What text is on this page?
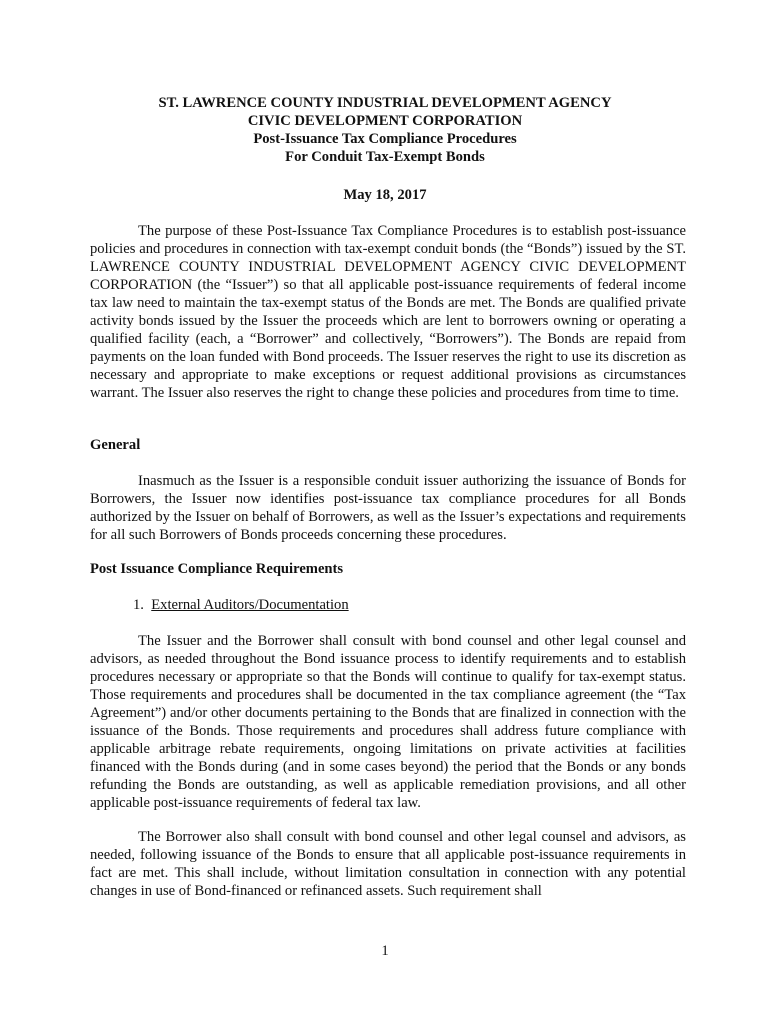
ST. LAWRENCE COUNTY INDUSTRIAL DEVELOPMENT AGENCY
CIVIC DEVELOPMENT CORPORATION
Post-Issuance Tax Compliance Procedures
For Conduit Tax-Exempt Bonds
May 18, 2017

The purpose of these Post-Issuance Tax Compliance Procedures is to establish post-issuance policies and procedures in connection with tax-exempt conduit bonds (the “Bonds”) issued by the ST. LAWRENCE COUNTY INDUSTRIAL DEVELOPMENT AGENCY CIVIC DEVELOPMENT CORPORATION (the “Issuer”) so that all applicable post-issuance requirements of federal income tax law need to maintain the tax-exempt status of the Bonds are met. The Bonds are qualified private activity bonds issued by the Issuer the proceeds which are lent to borrowers owning or operating a qualified facility (each, a “Borrower” and collectively, “Borrowers”). The Bonds are repaid from payments on the loan funded with Bond proceeds. The Issuer reserves the right to use its discretion as necessary and appropriate to make exceptions or request additional provisions as circumstances warrant. The Issuer also reserves the right to change these policies and procedures from time to time.

General

Inasmuch as the Issuer is a responsible conduit issuer authorizing the issuance of Bonds for Borrowers, the Issuer now identifies post-issuance tax compliance procedures for all Bonds authorized by the Issuer on behalf of Borrowers, as well as the Issuer’s expectations and requirements for all such Borrowers of Bonds proceeds concerning these procedures.

Post Issuance Compliance Requirements

1. External Auditors/Documentation

The Issuer and the Borrower shall consult with bond counsel and other legal counsel and advisors, as needed throughout the Bond issuance process to identify requirements and to establish procedures necessary or appropriate so that the Bonds will continue to qualify for tax-exempt status. Those requirements and procedures shall be documented in the tax compliance agreement (the “Tax Agreement”) and/or other documents pertaining to the Bonds that are finalized in connection with the issuance of the Bonds. Those requirements and procedures shall address future compliance with applicable arbitrage rebate requirements, ongoing limitations on private activities at facilities financed with the Bonds during (and in some cases beyond) the period that the Bonds or any bonds refunding the Bonds are outstanding, as well as applicable remediation provisions, and all other applicable post-issuance requirements of federal tax law.

The Borrower also shall consult with bond counsel and other legal counsel and advisors, as needed, following issuance of the Bonds to ensure that all applicable post-issuance requirements in fact are met. This shall include, without limitation consultation in connection with any potential changes in use of Bond-financed or refinanced assets. Such requirement shall

1
